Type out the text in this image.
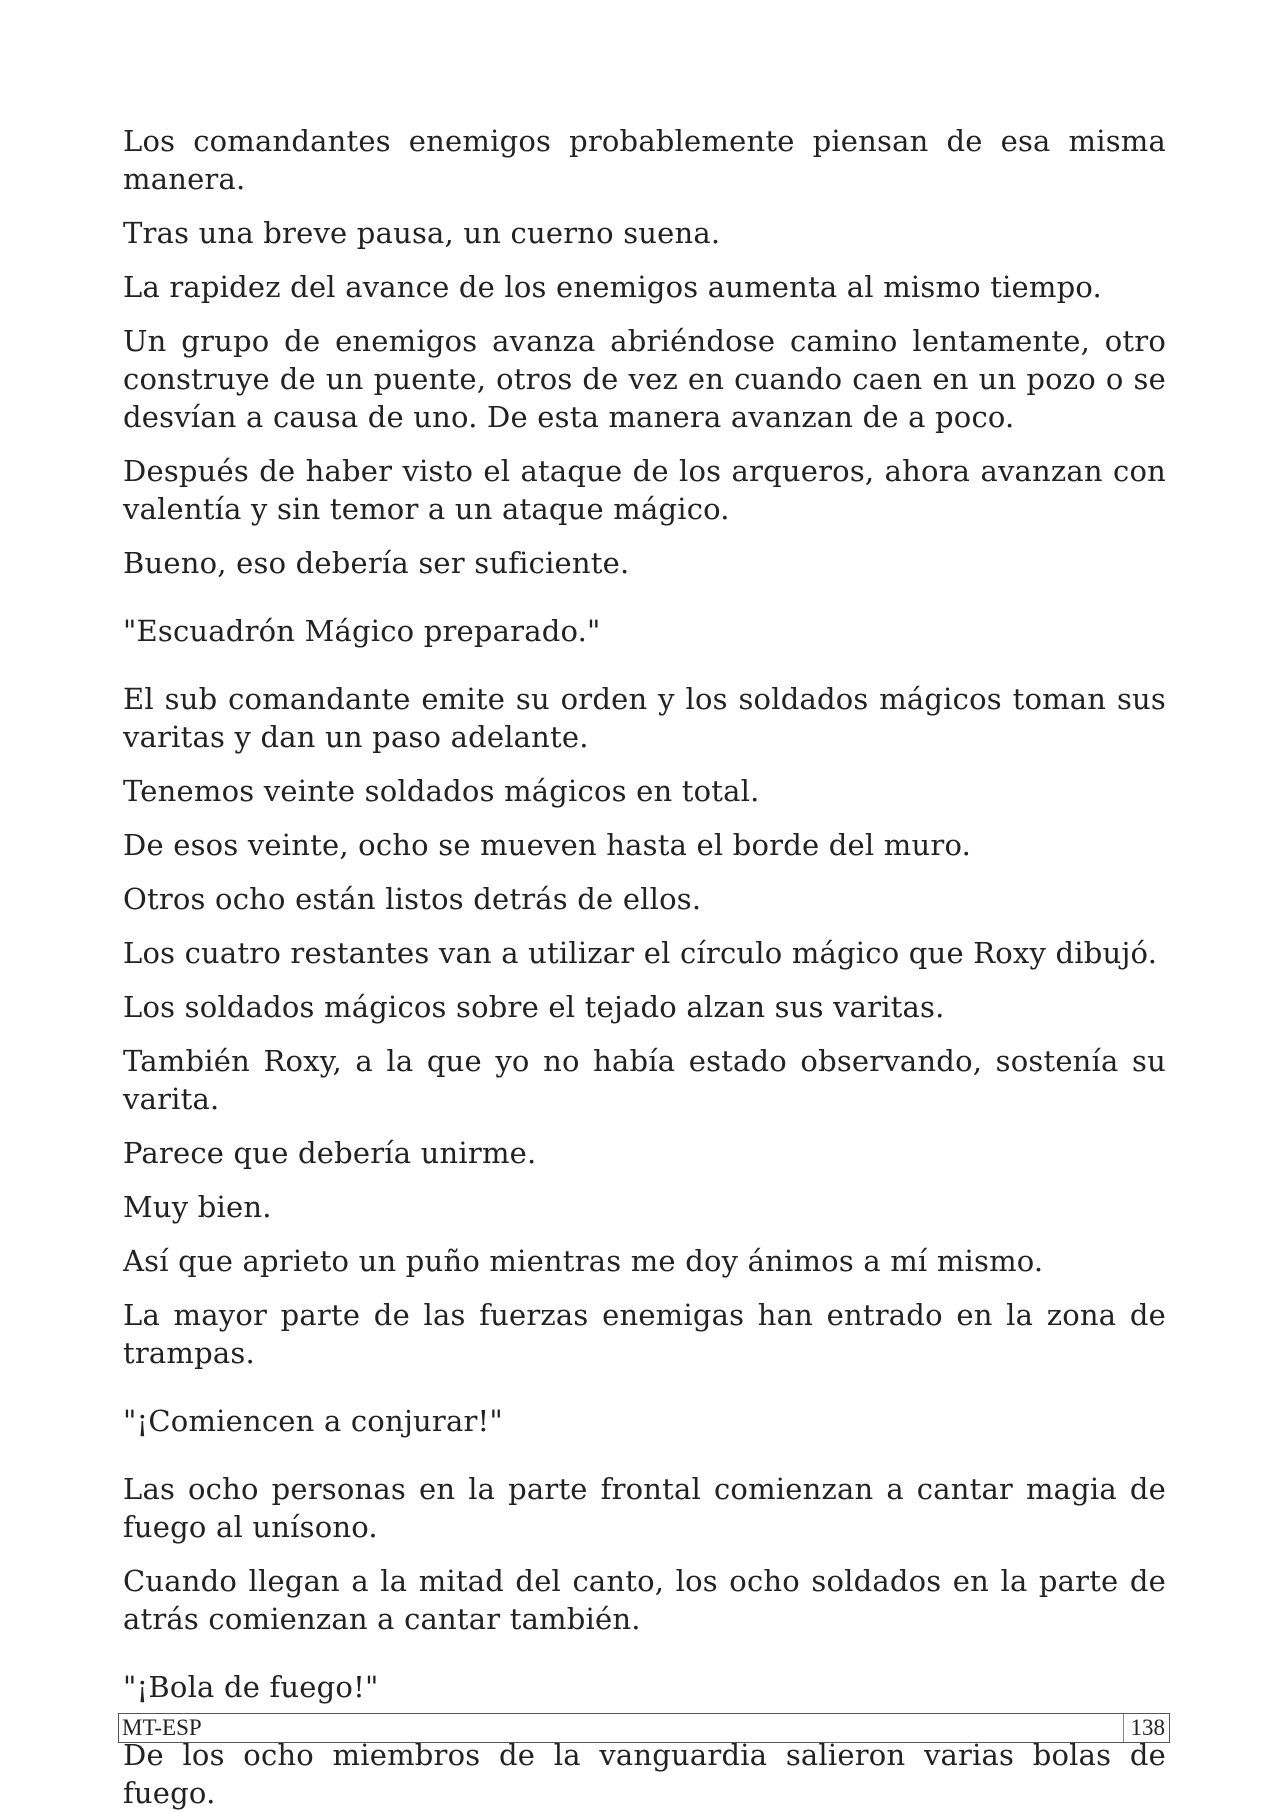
Los comandantes enemigos probablemente piensan de esa misma manera.

Tras una breve pausa, un cuerno suena.

La rapidez del avance de los enemigos aumenta al mismo tiempo.

Un grupo de enemigos avanza abriéndose camino lentamente, otro construye de un puente, otros de vez en cuando caen en un pozo o se desvían a causa de uno. De esta manera avanzan de a poco.

Después de haber visto el ataque de los arqueros, ahora avanzan con valentía y sin temor a un ataque mágico.

Bueno, eso debería ser suficiente.

"Escuadrón Mágico preparado."

El sub comandante emite su orden y los soldados mágicos toman sus varitas y dan un paso adelante.

Tenemos veinte soldados mágicos en total.

De esos veinte, ocho se mueven hasta el borde del muro.

Otros ocho están listos detrás de ellos.

Los cuatro restantes van a utilizar el círculo mágico que Roxy dibujó.

Los soldados mágicos sobre el tejado alzan sus varitas.

También Roxy, a la que yo no había estado observando, sostenía su varita.

Parece que debería unirme.

Muy bien.

Así que aprieto un puño mientras me doy ánimos a mí mismo.

La mayor parte de las fuerzas enemigas han entrado en la zona de trampas.

"¡Comiencen a conjurar!"

Las ocho personas en la parte frontal comienzan a cantar magia de fuego al unísono.

Cuando llegan a la mitad del canto, los ocho soldados en la parte de atrás comienzan a cantar también.

"¡Bola de fuego!"

De los ocho miembros de la vanguardia salieron varias bolas de fuego.

MT-ESP	138
